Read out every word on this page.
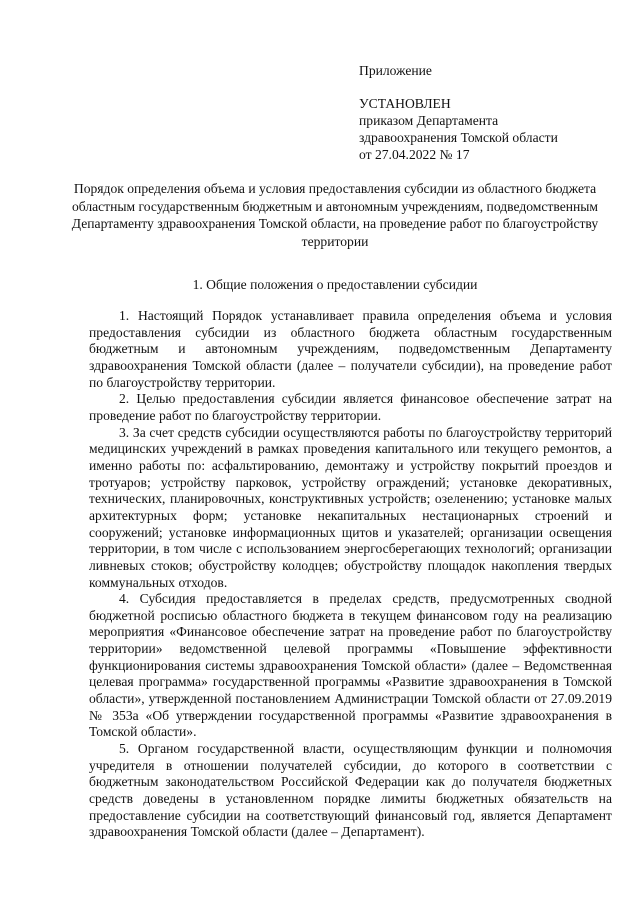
Приложение

УСТАНОВЛЕН

приказом Департамента

здравоохранения Томской области

от 27.04.2022 № 17

Порядок определения объема и условия предоставления субсидии из областного бюджета областным государственным бюджетным и автономным учреждениям, подведомственным Департаменту здравоохранения Томской области, на проведение работ по благоустройству территории

1. Общие положения о предоставлении субсидии

1. Настоящий Порядок устанавливает правила определения объема и условия предоставления субсидии из областного бюджета областным государственным бюджетным и автономным учреждениям, подведомственным Департаменту здравоохранения Томской области (далее – получатели субсидии), на проведение работ по благоустройству территории.

2. Целью предоставления субсидии является финансовое обеспечение затрат на проведение работ по благоустройству территории.

3. За счет средств субсидии осуществляются работы по благоустройству территорий медицинских учреждений в рамках проведения капитального или текущего ремонтов, а именно работы по: асфальтированию, демонтажу и устройству покрытий проездов и тротуаров; устройству парковок, устройству ограждений; установке декоративных, технических, планировочных, конструктивных устройств; озеленению; установке малых архитектурных форм; установке некапитальных нестационарных строений и сооружений; установке информационных щитов и указателей; организации освещения территории, в том числе с использованием энергосберегающих технологий; организации ливневых стоков; обустройству колодцев; обустройству площадок накопления твердых коммунальных отходов.

4. Субсидия предоставляется в пределах средств, предусмотренных сводной бюджетной росписью областного бюджета в текущем финансовом году на реализацию мероприятия «Финансовое обеспечение затрат на проведение работ по благоустройству территории» ведомственной целевой программы «Повышение эффективности функционирования системы здравоохранения Томской области» (далее – Ведомственная целевая программа» государственной программы «Развитие здравоохранения в Томской области», утвержденной постановлением Администрации Томской области от 27.09.2019 № 353а «Об утверждении государственной программы «Развитие здравоохранения в Томской области».

5. Органом государственной власти, осуществляющим функции и полномочия учредителя в отношении получателей субсидии, до которого в соответствии с бюджетным законодательством Российской Федерации как до получателя бюджетных средств доведены в установленном порядке лимиты бюджетных обязательств на предоставление субсидии на соответствующий финансовый год, является Департамент здравоохранения Томской области (далее – Департамент).
